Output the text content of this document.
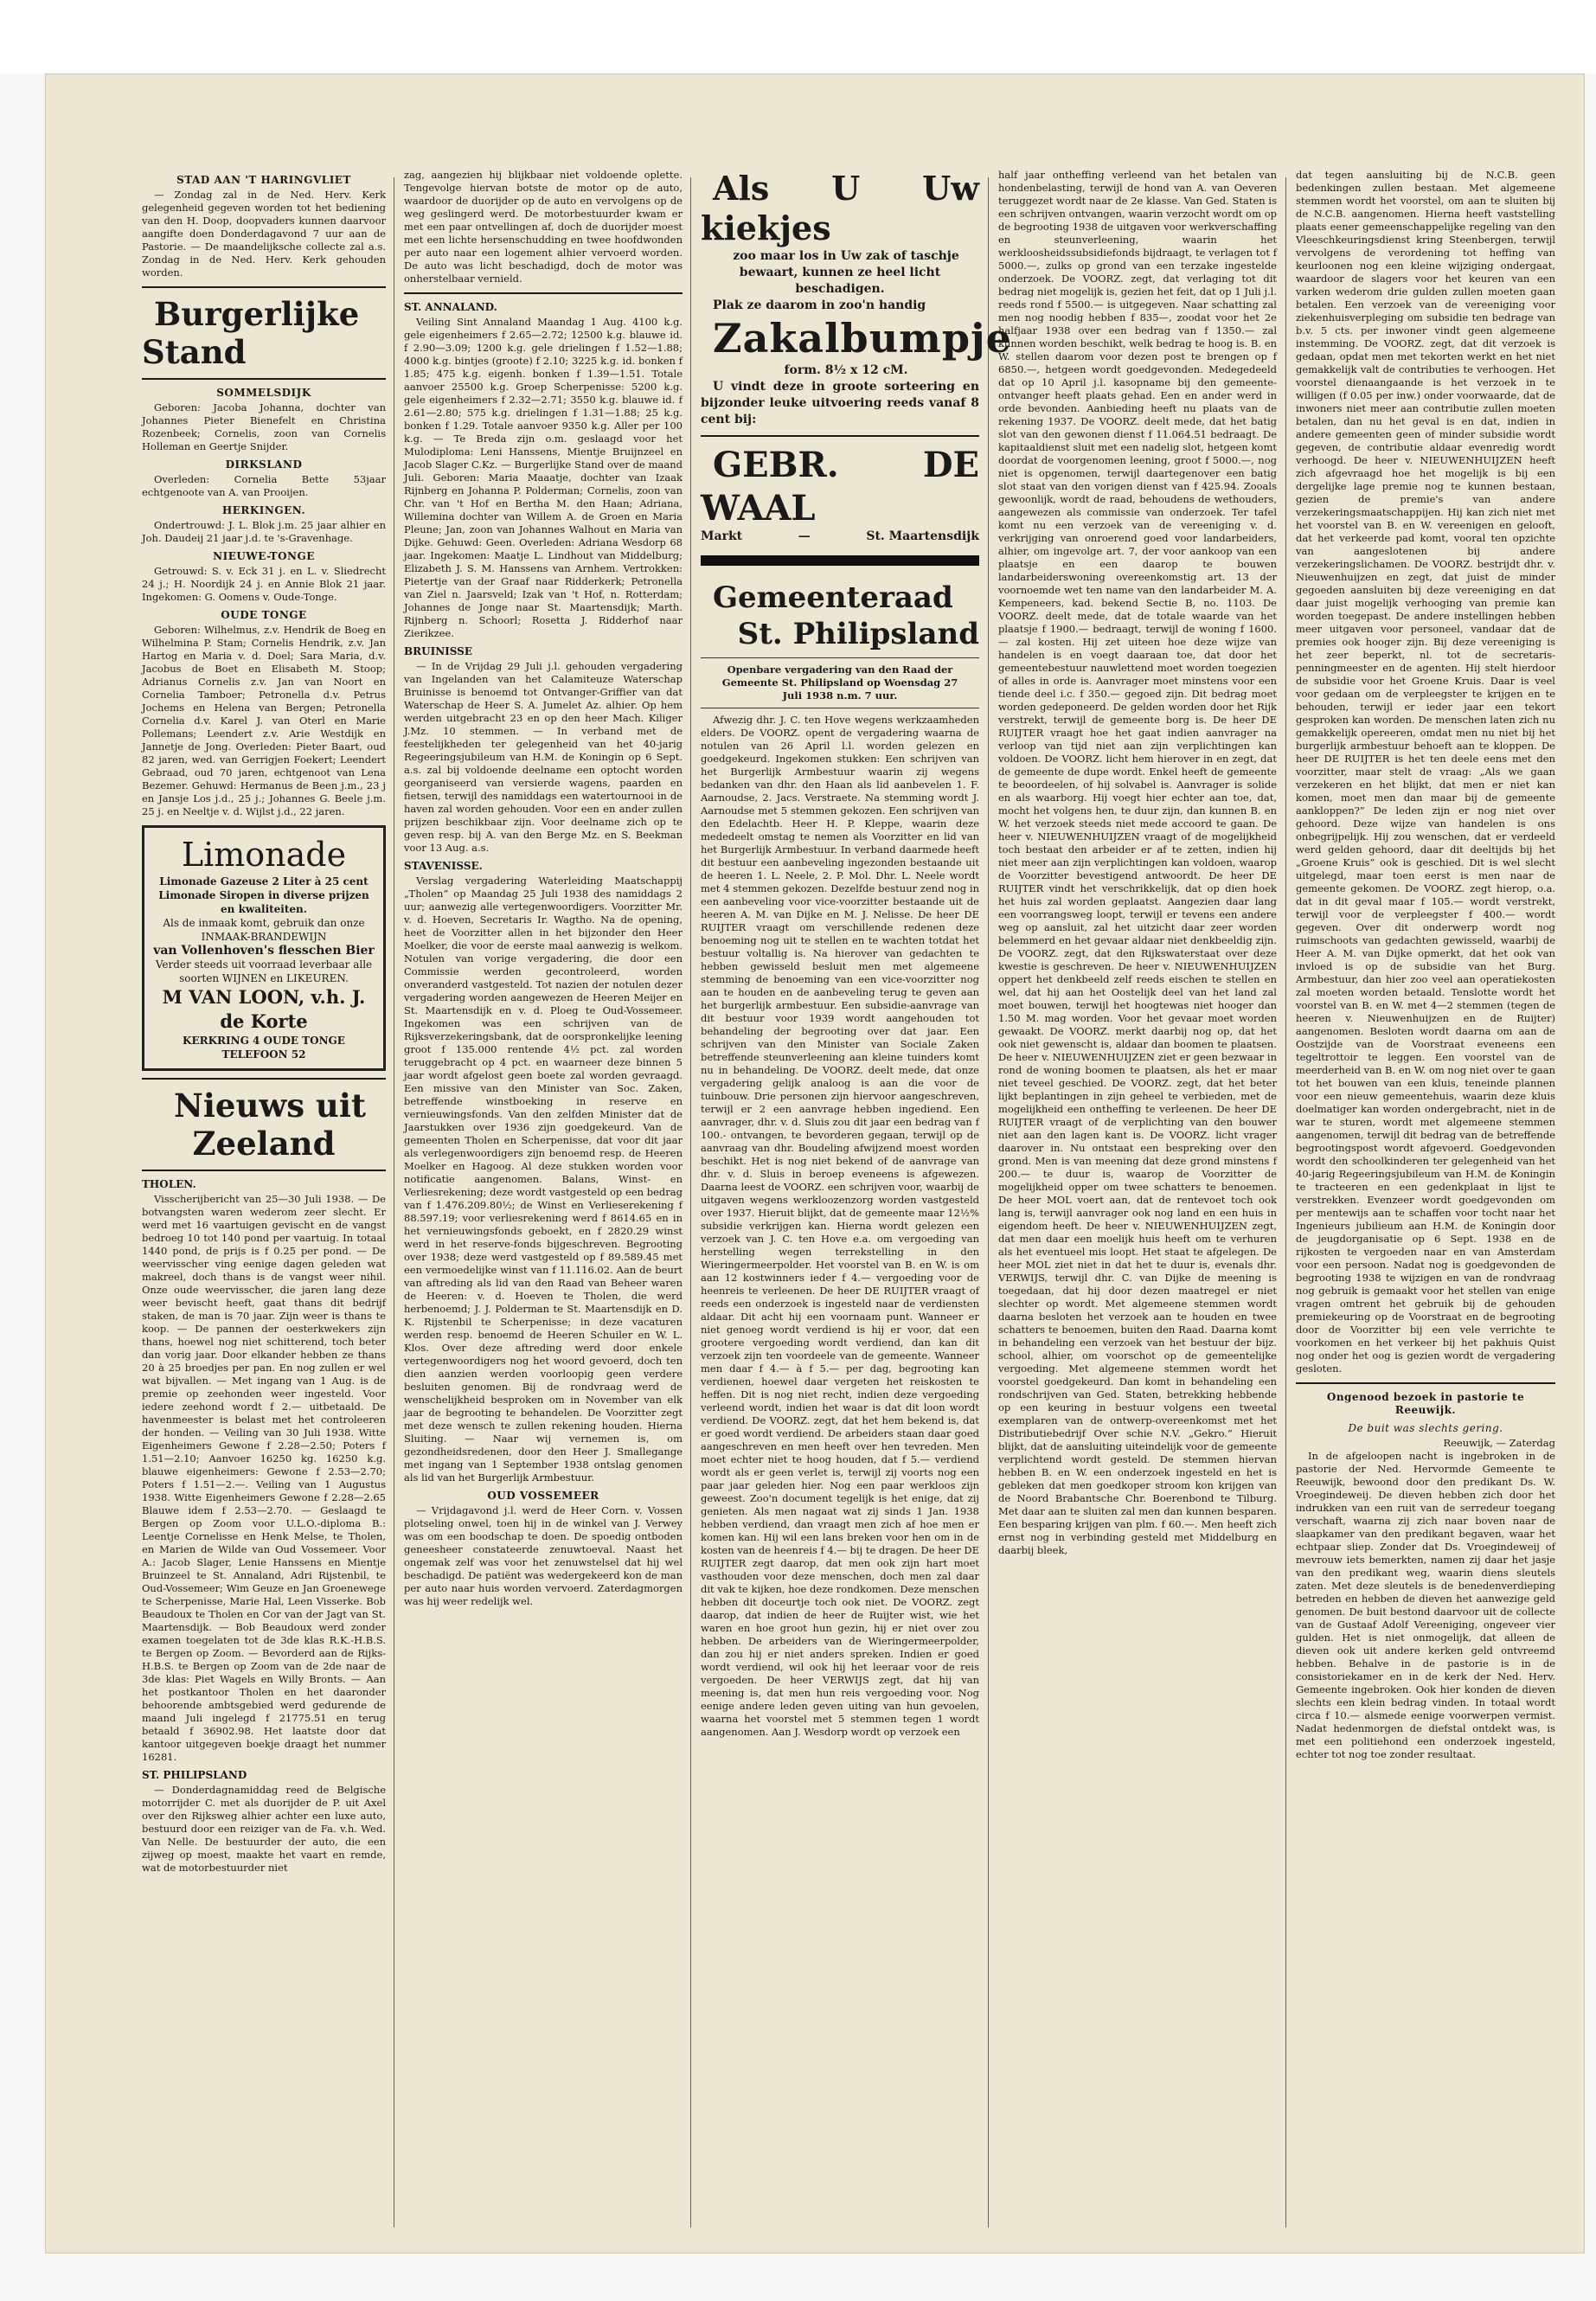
STAD AAN 'T HARINGVLIET

— Zondag zal in de Ned. Herv. Kerk gelegenheid gegeven worden tot het bediening van den H. Doop, doopvaders kunnen daarvoor aangifte doen Donderdagavond 7 uur aan de Pastorie. — De maandelijksche collecte zal a.s. Zondag in de Ned. Herv. Kerk gehouden worden.

Burgerlijke Stand

SOMMELSDIJK

Geboren: Jacoba Johanna, dochter van Johannes Pieter Bienefelt en Christina Rozenbeek; Cornelis, zoon van Cornelis Holleman en Geertje Snijder.

DIRKSLAND

Overleden: Cornelia Bette 53jaar echtgenoote van A. van Prooijen.

HERKINGEN.

Ondertrouwd: J. L. Blok j.m. 25 jaar alhier en Joh. Daudeij 21 jaar j.d. te 's-Gravenhage.

NIEUWE-TONGE

Getrouwd: S. v. Eck 31 j. en L. v. Sliedrecht 24 j.; H. Noordijk 24 j. en Annie Blok 21 jaar. Ingekomen: G. Oomens v. Oude-Tonge.

OUDE TONGE

Geboren: Wilhelmus, z.v. Hendrik de Boeg en Wilhelmina P. Stam; Cornelis Hendrik, z.v. Jan Hartog en Maria v. d. Doel; Sara Maria, d.v. Jacobus de Boet en Elisabeth M. Stoop; Adrianus Cornelis z.v. Jan van Noort en Cornelia Tamboer; Petronella d.v. Petrus Jochems en Helena van Bergen; Petronella Cornelia d.v. Karel J. van Oterl en Marie Pollemans; Leendert z.v. Arie Westdijk en Jannetje de Jong. Overleden: Pieter Baart, oud 82 jaren, wed. van Gerrigjen Foekert; Leendert Gebraad, oud 70 jaren, echtgenoot van Lena Bezemer. Gehuwd: Hermanus de Been j.m., 23 j en Jansje Los j.d., 25 j.; Johannes G. Beele j.m. 25 j. en Neeltje v. d. Wijlst j.d., 22 jaren.

Limonade
Limonade Gazeuse 2 Liter à 25 cent
Limonade Siropen in diverse prijzen en kwaliteiten.
Als de inmaak komt, gebruik dan onze INMAAK-BRANDEWIJN
van Vollenhoven's flesschen Bier
Verder steeds uit voorraad leverbaar alle soorten WIJNEN en LIKEUREN.
M VAN LOON, v.h. J. de Korte
KERKRING 4 OUDE TONGE
TELEFOON 52

Nieuws uit Zeeland

THOLEN.

Visscherijbericht van 25—30 Juli 1938. — De botvangsten waren wederom zeer slecht. Er werd met 16 vaartuigen gevischt en de vangst bedroeg 10 tot 140 pond per vaartuig. In totaal 1440 pond, de prijs is f 0.25 per pond. — De weervisscher ving eenige dagen geleden wat makreel, doch thans is de vangst weer nihil. Onze oude weervisscher, die jaren lang deze weer bevischt heeft, gaat thans dit bedrijf staken, de man is 70 jaar. Zijn weer is thans te koop. — De pannen der oesterkwekers zijn thans, hoewel nog niet schitterend, toch beter dan vorig jaar. Door elkander hebben ze thans 20 à 25 broedjes per pan. En nog zullen er wel wat bijvallen. — Met ingang van 1 Aug. is de premie op zeehonden weer ingesteld. Voor iedere zeehond wordt f 2.— uitbetaald. De havenmeester is belast met het controleeren der honden. — Veiling van 30 Juli 1938. Witte Eigenheimers Gewone f 2.28—2.50; Poters f 1.51—2.10; Aanvoer 16250 kg. 16250 k.g. blauwe eigenheimers: Gewone f 2.53—2.70; Poters f 1.51—2.—. Veiling van 1 Augustus 1938. Witte Eigenheimers Gewone f 2.28—2.65 Blauwe idem f 2.53—2.70. — Geslaagd te Bergen op Zoom voor U.L.O.-diploma B.: Leentje Cornelisse en Henk Melse, te Tholen, en Marien de Wilde van Oud Vossemeer. Voor A.: Jacob Slager, Lenie Hanssens en Mientje Bruinzeel te St. Annaland, Adri Rijstenbil, te Oud-Vossemeer; Wim Geuze en Jan Groenewege te Scherpenisse, Marie Hal, Leen Visserke. Bob Beaudoux te Tholen en Cor van der Jagt van St. Maartensdijk. — Bob Beaudoux werd zonder examen toegelaten tot de 3de klas R.K.-H.B.S. te Bergen op Zoom. — Bevorderd aan de Rijks-H.B.S. te Bergen op Zoom van de 2de naar de 3de klas: Piet Wagels en Willy Bronts. — Aan het postkantoor Tholen en het daaronder behoorende ambtsgebied werd gedurende de maand Juli ingelegd f 21775.51 en terug betaald f 36902.98. Het laatste door dat kantoor uitgegeven boekje draagt het nummer 16281.

ST. PHILIPSLAND

— Donderdagnamiddag reed de Belgische motorrijder C. met als duorijder de P. uit Axel over den Rijksweg alhier achter een luxe auto, bestuurd door een reiziger van de Fa. v.h. Wed. Van Nelle. De bestuurder der auto, die een zijweg op moest, maakte het vaart en remde, wat de motorbestuurder niet

zag, aangezien hij blijkbaar niet voldoende oplette. Tengevolge hiervan botste de motor op de auto, waardoor de duorijder op de auto en vervolgens op de weg geslingerd werd. De motorbestuurder kwam er met een paar ontvellingen af, doch de duorijder moest met een lichte hersenschudding en twee hoofdwonden per auto naar een logement alhier vervoerd worden. De auto was licht beschadigd, doch de motor was onherstelbaar vernield.

ST. ANNALAND.

Veiling Sint Annaland Maandag 1 Aug. 4100 k.g. gele eigenheimers f 2.65—2.72; 12500 k.g. blauwe id. f 2.90—3.09; 1200 k.g. gele drielingen f 1.52—1.88; 4000 k.g. bintjes (groote) f 2.10; 3225 k.g. id. bonken f 1.85; 475 k.g. eigenh. bonken f 1.39—1.51. Totale aanvoer 25500 k.g. Groep Scherpenisse: 5200 k.g. gele eigenheimers f 2.32—2.71; 3550 k.g. blauwe id. f 2.61—2.80; 575 k.g. drielingen f 1.31—1.88; 25 k.g. bonken f 1.29. Totale aanvoer 9350 k.g. Aller per 100 k.g. — Te Breda zijn o.m. geslaagd voor het Mulodiploma: Leni Hanssens, Mientje Bruijnzeel en Jacob Slager C.Kz. — Burgerlijke Stand over de maand Juli. Geboren: Maria Maaatje, dochter van Izaak Rijnberg en Johanna P. Polderman; Cornelis, zoon van Chr. van 't Hof en Bertha M. den Haan; Adriana, Willemina dochter van Willem A. de Groen en Maria Pleune; Jan, zoon van Johannes Walhout en Maria van Dijke. Gehuwd: Geen. Overleden: Adriana Wesdorp 68 jaar. Ingekomen: Maatje L. Lindhout van Middelburg; Elizabeth J. S. M. Hanssens van Arnhem. Vertrokken: Pietertje van der Graaf naar Ridderkerk; Petronella van Ziel n. Jaarsveld; Izak van 't Hof, n. Rotterdam; Johannes de Jonge naar St. Maartensdijk; Marth. Rijnberg n. Schoorl; Rosetta J. Ridderhof naar Zierikzee.

BRUINISSE

— In de Vrijdag 29 Juli j.l. gehouden vergadering van Ingelanden van het Calamiteuze Waterschap Bruinisse is benoemd tot Ontvanger-Griffier van dat Waterschap de Heer S. A. Jumelet Az. alhier. Op hem werden uitgebracht 23 en op den heer Mach. Kiliger J.Mz. 10 stemmen. — In verband met de feestelijkheden ter gelegenheid van het 40-jarig Regeeringsjubileum van H.M. de Koningin op 6 Sept. a.s. zal bij voldoende deelname een optocht worden georganiseerd van versierde wagens, paarden en fietsen, terwijl des namiddags een watertournooi in de haven zal worden gehouden. Voor een en ander zullen prijzen beschikbaar zijn. Voor deelname zich op te geven resp. bij A. van den Berge Mz. en S. Beekman voor 13 Aug. a.s.

STAVENISSE.

Verslag vergadering Waterleiding Maatschappij „Tholen” op Maandag 25 Juli 1938 des namiddags 2 uur; aanwezig alle vertegenwoordigers. Voorzitter Mr. v. d. Hoeven, Secretaris Ir. Wagtho. Na de opening, heet de Voorzitter allen in het bijzonder den Heer Moelker, die voor de eerste maal aanwezig is welkom. Notulen van vorige vergadering, die door een Commissie werden gecontroleerd, worden onveranderd vastgesteld. Tot nazien der notulen dezer vergadering worden aangewezen de Heeren Meijer en St. Maartensdijk en v. d. Ploeg te Oud-Vossemeer. Ingekomen was een schrijven van de Rijksverzekeringsbank, dat de oorspronkelijke leening groot f 135.000 rentende 4½ pct. zal worden teruggebracht op 4 pct. en waarneer deze binnen 5 jaar wordt afgelost geen boete zal worden gevraagd. Een missive van den Minister van Soc. Zaken, betreffende winstboeking in reserve en vernieuwingsfonds. Van den zelfden Minister dat de Jaarstukken over 1936 zijn goedgekeurd. Van de gemeenten Tholen en Scherpenisse, dat voor dit jaar als verlegenwoordigers zijn benoemd resp. de Heeren Moelker en Hagoog. Al deze stukken worden voor notificatie aangenomen. Balans, Winst- en Verliesrekening; deze wordt vastgesteld op een bedrag van f 1.476.209.80½; de Winst en Verlieserekening f 88.597.19; voor verliesrekening werd f 8614.65 en in het vernieuwingsfonds geboekt, en f 2820.29 winst werd in het reserve-fonds bijgeschreven. Begrooting over 1938; deze werd vastgesteld op f 89.589.45 met een vermoedelijke winst van f 11.116.02. Aan de beurt van aftreding als lid van den Raad van Beheer waren de Heeren: v. d. Hoeven te Tholen, die werd herbenoemd; J. J. Polderman te St. Maartensdijk en D. K. Rijstenbil te Scherpenisse; in deze vacaturen werden resp. benoemd de Heeren Schuiler en W. L. Klos. Over deze aftreding werd door enkele vertegenwoordigers nog het woord gevoerd, doch ten dien aanzien werden voorloopig geen verdere besluiten genomen. Bij de rondvraag werd de wenschelijkheid besproken om in November van elk jaar de begrooting te behandelen. De Voorzitter zegt met deze wensch te zullen rekening houden. Hierna Sluiting. — Naar wij vernemen is, om gezondheidsredenen, door den Heer J. Smallegange met ingang van 1 September 1938 ontslag genomen als lid van het Burgerlijk Armbestuur.

OUD VOSSEMEER

— Vrijdagavond j.l. werd de Heer Corn. v. Vossen plotseling onwel, toen hij in de winkel van J. Verwey was om een boodschap te doen. De spoedig ontboden geneesheer constateerde zenuwtoeval. Naast het ongemak zelf was voor het zenuwstelsel dat hij wel beschadigd. De patiënt was wedergekeerd kon de man per auto naar huis worden vervoerd. Zaterdagmorgen was hij weer redelijk wel.

Als U Uw kiekjes

zoo maar los in Uw zak of taschje bewaart, kunnen ze heel licht beschadigen.

Plak ze daarom in zoo'n handig

Zakalbumpje

form. 8½ x 12 cM.

U vindt deze in groote sorteering en bijzonder leuke uitvoering reeds vanaf 8 cent bij:

GEBR. DE WAAL

Markt	—	St. Maartensdijk

Gemeenteraad

St. Philipsland

Openbare vergadering van den Raad der Gemeente St. Philipsland op Woensdag 27 Juli 1938 n.m. 7 uur.

Afwezig dhr. J. C. ten Hove wegens werkzaamheden elders. De VOORZ. opent de vergadering waarna de notulen van 26 April l.l. worden gelezen en goedgekeurd. Ingekomen stukken: Een schrijven van het Burgerlijk Armbestuur waarin zij wegens bedanken van dhr. den Haan als lid aanbevelen 1. F. Aarnoudse, 2. Jacs. Verstraete. Na stemming wordt J. Aarnoudse met 5 stemmen gekozen. Een schrijven van den Edelachtb. Heer H. P. Kleppe, waarin deze mededeelt omstag te nemen als Voorzitter en lid van het Burgerlijk Armbestuur. In verband daarmede heeft dit bestuur een aanbeveling ingezonden bestaande uit de heeren 1. L. Neele, 2. P. Mol. Dhr. L. Neele wordt met 4 stemmen gekozen. Dezelfde bestuur zend nog in een aanbeveling voor vice-voorzitter bestaande uit de heeren A. M. van Dijke en M. J. Nelisse. De heer DE RUIJTER vraagt om verschillende redenen deze benoeming nog uit te stellen en te wachten totdat het bestuur voltallig is. Na hierover van gedachten te hebben gewisseld besluit men met algemeene stemming de benoeming van een vice-voorzitter nog aan te houden en de aanbeveling terug te geven aan het burgerlijk armbestuur. Een subsidie-aanvrage van dit bestuur voor 1939 wordt aangehouden tot behandeling der begrooting over dat jaar. Een schrijven van den Minister van Sociale Zaken betreffende steunverleening aan kleine tuinders komt nu in behandeling. De VOORZ. deelt mede, dat onze vergadering gelijk analoog is aan die voor de tuinbouw. Drie personen zijn hiervoor aangeschreven, terwijl er 2 een aanvrage hebben ingediend. Een aanvrager, dhr. v. d. Sluis zou dit jaar een bedrag van f 100.- ontvangen, te bevorderen gegaan, terwijl op de aanvraag van dhr. Boudeling afwijzend moest worden beschikt. Het is nog niet bekend of de aanvrage van dhr. v. d. Sluis in beroep eveneens is afgewezen. Daarna leest de VOORZ. een schrijven voor, waarbij de uitgaven wegens werkloozenzorg worden vastgesteld over 1937. Hieruit blijkt, dat de gemeente maar 12½% subsidie verkrijgen kan. Hierna wordt gelezen een verzoek van J. C. ten Hove e.a. om vergoeding van herstelling wegen terrekstelling in den Wieringermeerpolder. Het voorstel van B. en W. is om aan 12 kostwinners ieder f 4.— vergoeding voor de heenreis te verleenen. De heer DE RUIJTER vraagt of reeds een onderzoek is ingesteld naar de verdiensten aldaar. Dit acht hij een voornaam punt. Wanneer er niet genoeg wordt verdiend is hij er voor, dat een grootere vergoeding wordt verdiend, dan kan dit verzoek zijn ten voordeele van de gemeente. Wanneer men daar f 4.— à f 5.— per dag, begrooting kan verdienen, hoewel daar vergeten het reiskosten te heffen. Dit is nog niet recht, indien deze vergoeding verleend wordt, indien het waar is dat dit loon wordt verdiend. De VOORZ. zegt, dat het hem bekend is, dat er goed wordt verdiend. De arbeiders staan daar goed aangeschreven en men heeft over hen tevreden. Men moet echter niet te hoog houden, dat f 5.— verdiend wordt als er geen verlet is, terwijl zij voorts nog een paar jaar geleden hier. Nog een paar werkloos zijn geweest. Zoo'n document tegelijk is het enige, dat zij genieten. Als men nagaat wat zij sinds 1 Jan. 1938 hebben verdiend, dan vraagt men zich af hoe men er komen kan. Hij wil een lans breken voor hen om in de kosten van de heenreis f 4.— bij te dragen. De heer DE RUIJTER zegt daarop, dat men ook zijn hart moet vasthouden voor deze menschen, doch men zal daar dit vak te kijken, hoe deze rondkomen. Deze menschen hebben dit doceurtje toch ook niet. De VOORZ. zegt daarop, dat indien de heer de Ruijter wist, wie het waren en hoe groot hun gezin, hij er niet over zou hebben. De arbeiders van de Wieringermeerpolder, dan zou hij er niet anders spreken. Indien er goed wordt verdiend, wil ook hij het leeraar voor de reis vergoeden. De heer VERWIJS zegt, dat hij van meening is, dat men hun reis vergoeding voor. Nog eenige andere leden geven uiting van hun gevoelen, waarna het voorstel met 5 stemmen tegen 1 wordt aangenomen. Aan J. Wesdorp wordt op verzoek een

half jaar ontheffing verleend van het betalen van hondenbelasting, terwijl de hond van A. van Oeveren teruggezet wordt naar de 2e klasse. Van Ged. Staten is een schrijven ontvangen, waarin verzocht wordt om op de begrooting 1938 de uitgaven voor werkverschaffing en steunverleening, waarin het werkloosheidssubsidiefonds bijdraagt, te verlagen tot f 5000.—, zulks op grond van een terzake ingestelde onderzoek. De VOORZ. zegt, dat verlaging tot dit bedrag niet mogelijk is, gezien het feit, dat op 1 Juli j.l. reeds rond f 5500.— is uitgegeven. Naar schatting zal men nog noodig hebben f 835—, zoodat voor het 2e halfjaar 1938 over een bedrag van f 1350.— zal kunnen worden beschikt, welk bedrag te hoog is. B. en W. stellen daarom voor dezen post te brengen op f 6850.—, hetgeen wordt goedgevonden. Medegedeeld dat op 10 April j.l. kasopname bij den gemeente-ontvanger heeft plaats gehad. Een en ander werd in orde bevonden. Aanbieding heeft nu plaats van de rekening 1937. De VOORZ. deelt mede, dat het batig slot van den gewonen dienst f 11.064.51 bedraagt. De kapitaaldienst sluit met een nadelig slot, hetgeen komt doordat de voorgenomen leening, groot f 5000.—, nog niet is opgenomen, terwijl daartegenover een batig slot staat van den vorigen dienst van f 425.94. Zooals gewoonlijk, wordt de raad, behoudens de wethouders, aangewezen als commissie van onderzoek. Ter tafel komt nu een verzoek van de vereeniging v. d. verkrijging van onroerend goed voor landarbeiders, alhier, om ingevolge art. 7, der voor aankoop van een plaatsje en een daarop te bouwen landarbeiderswoning overeenkomstig art. 13 der voornoemde wet ten name van den landarbeider M. A. Kempeneers, kad. bekend Sectie B, no. 1103. De VOORZ. deelt mede, dat de totale waarde van het plaatsje f 1900.— bedraagt, terwijl de woning f 1600.— zal kosten. Hij zet uiteen hoe deze wijze van handelen is en voegt daaraan toe, dat door het gemeentebestuur nauwlettend moet worden toegezien of alles in orde is. Aanvrager moet minstens voor een tiende deel i.c. f 350.— gegoed zijn. Dit bedrag moet worden gedeponeerd. De gelden worden door het Rijk verstrekt, terwijl de gemeente borg is. De heer DE RUIJTER vraagt hoe het gaat indien aanvrager na verloop van tijd niet aan zijn verplichtingen kan voldoen. De VOORZ. licht hem hierover in en zegt, dat de gemeente de dupe wordt. Enkel heeft de gemeente te beoordeelen, of hij solvabel is. Aanvrager is solide en als waarborg. Hij voegt hier echter aan toe, dat, mocht het volgens hen, te duur zijn, dan kunnen B. en W. het verzoek steeds niet mede accoord te gaan. De heer v. NIEUWENHUIJZEN vraagt of de mogelijkheid toch bestaat den arbeider er af te zetten, indien hij niet meer aan zijn verplichtingen kan voldoen, waarop de Voorzitter bevestigend antwoordt. De heer DE RUIJTER vindt het verschrikkelijk, dat op dien hoek het huis zal worden geplaatst. Aangezien daar lang een voorrangsweg loopt, terwijl er tevens een andere weg op aansluit, zal het uitzicht daar zeer worden belemmerd en het gevaar aldaar niet denkbeeldig zijn. De VOORZ. zegt, dat den Rijkswaterstaat over deze kwestie is geschreven. De heer v. NIEUWENHUIJZEN oppert het denkbeeld zelf reeds eischen te stellen en wel, dat hij aan het Oostelijk deel van het land zal moet bouwen, terwijl het hoogtewas niet hooger dan 1.50 M. mag worden. Voor het gevaar moet worden gewaakt. De VOORZ. merkt daarbij nog op, dat het ook niet gewenscht is, aldaar dan boomen te plaatsen. De heer v. NIEUWENHUIJZEN ziet er geen bezwaar in rond de woning boomen te plaatsen, als het er maar niet teveel geschied. De VOORZ. zegt, dat het beter lijkt beplantingen in zijn geheel te verbieden, met de mogelijkheid een ontheffing te verleenen. De heer DE RUIJTER vraagt of de verplichting van den bouwer niet aan den lagen kant is. De VOORZ. licht vrager daarover in. Nu ontstaat een bespreking over den grond. Men is van meening dat deze grond minstens f 200.— te duur is, waarop de Voorzitter de mogelijkheid opper om twee schatters te benoemen. De heer MOL voert aan, dat de rentevoet toch ook lang is, terwijl aanvrager ook nog land en een huis in eigendom heeft. De heer v. NIEUWENHUIJZEN zegt, dat men daar een moelijk huis heeft om te verhuren als het eventueel mis loopt. Het staat te afgelegen. De heer MOL ziet niet in dat het te duur is, evenals dhr. VERWIJS, terwijl dhr. C. van Dijke de meening is toegedaan, dat hij door dezen maatregel er niet slechter op wordt. Met algemeene stemmen wordt daarna besloten het verzoek aan te houden en twee schatters te benoemen, buiten den Raad. Daarna komt in behandeling een verzoek van het bestuur der bijz. school, alhier, om voorschot op de gemeentelijke vergoeding. Met algemeene stemmen wordt het voorstel goedgekeurd. Dan komt in behandeling een rondschrijven van Ged. Staten, betrekking hebbende op een keuring in bestuur volgens een tweetal exemplaren van de ontwerp-overeenkomst met het Distributiebedrijf Over schie N.V. „Gekro.” Hieruit blijkt, dat de aansluiting uiteindelijk voor de gemeente verplichtend wordt gesteld. De stemmen hiervan hebben B. en W. een onderzoek ingesteld en het is gebleken dat men goedkoper stroom kon krijgen van de Noord Brabantsche Chr. Boerenbond te Tilburg. Met daar aan te sluiten zal men dan kunnen besparen. Een besparing krijgen van plm. f 60.—. Men heeft zich ernst nog in verbinding gesteld met Middelburg en daarbij bleek,

dat tegen aansluiting bij de N.C.B. geen bedenkingen zullen bestaan. Met algemeene stemmen wordt het voorstel, om aan te sluiten bij de N.C.B. aangenomen. Hierna heeft vaststelling plaats eener gemeenschappelijke regeling van den Vleeschkeuringsdienst kring Steenbergen, terwijl vervolgens de verordening tot heffing van keurloonen nog een kleine wijziging ondergaat, waardoor de slagers voor het keuren van een varken wederom drie gulden zullen moeten gaan betalen. Een verzoek van de vereeniging voor ziekenhuisverpleging om subsidie ten bedrage van b.v. 5 cts. per inwoner vindt geen algemeene instemming. De VOORZ. zegt, dat dit verzoek is gedaan, opdat men met tekorten werkt en het niet gemakkelijk valt de contributies te verhoogen. Het voorstel dienaangaande is het verzoek in te willigen (f 0.05 per inw.) onder voorwaarde, dat de inwoners niet meer aan contributie zullen moeten betalen, dan nu het geval is en dat, indien in andere gemeenten geen of minder subsidie wordt gegeven, de contributie aldaar evenredig wordt verhoogd. De heer v. NIEUWENHUIJZEN heeft zich afgevraagd hoe het mogelijk is bij een dergelijke lage premie nog te kunnen bestaan, gezien de premie's van andere verzekeringsmaatschappijen. Hij kan zich niet met het voorstel van B. en W. vereenigen en gelooft, dat het verkeerde pad komt, vooral ten opzichte van aangeslotenen bij andere verzekeringslichamen. De VOORZ. bestrijdt dhr. v. Nieuwenhuijzen en zegt, dat juist de minder gegoeden aansluiten bij deze vereeniging en dat daar juist mogelijk verhooging van premie kan worden toegepast. De andere instellingen hebben meer uitgaven voor personeel, vandaar dat de premies ook hooger zijn. Bij deze vereeniging is het zeer beperkt, nl. tot de secretaris-penningmeester en de agenten. Hij stelt hierdoor de subsidie voor het Groene Kruis. Daar is veel voor gedaan om de verpleegster te krijgen en te behouden, terwijl er ieder jaar een tekort gesproken kan worden. De menschen laten zich nu gemakkelijk opereeren, omdat men nu niet bij het burgerlijk armbestuur behoeft aan te kloppen. De heer DE RUIJTER is het ten deele eens met den voorzitter, maar stelt de vraag: „Als we gaan verzekeren en het blijkt, dat men er niet kan komen, moet men dan maar bij de gemeente aankloppen?” De leden zijn er nog niet over gehoord. Deze wijze van handelen is ons onbegrijpelijk. Hij zou wenschen, dat er verdeeld werd gelden gehoord, daar dit deeltijds bij het „Groene Kruis” ook is geschied. Dit is wel slecht uitgelegd, maar toen eerst is men naar de gemeente gekomen. De VOORZ. zegt hierop, o.a. dat in dit geval maar f 105.— wordt verstrekt, terwijl voor de verpleegster f 400.— wordt gegeven. Over dit onderwerp wordt nog ruimschoots van gedachten gewisseld, waarbij de Heer A. M. van Dijke opmerkt, dat het ook van invloed is op de subsidie van het Burg. Armbestuur, dan hier zoo veel aan operatiekosten zal moeten worden betaald. Tenslotte wordt het voorstel van B. en W. met 4—2 stemmen (tegen de heeren v. Nieuwenhuijzen en de Ruijter) aangenomen. Besloten wordt daarna om aan de Oostzijde van de Voorstraat eveneens een tegeltrottoir te leggen. Een voorstel van de meerderheid van B. en W. om nog niet over te gaan tot het bouwen van een kluis, teneinde plannen voor een nieuw gemeentehuis, waarin deze kluis doelmatiger kan worden ondergebracht, niet in de war te sturen, wordt met algemeene stemmen aangenomen, terwijl dit bedrag van de betreffende begrootingspost wordt afgevoerd. Goedgevonden wordt den schoolkinderen ter gelegenheid van het 40-jarig Regeeringsjubileum van H.M. de Koningin te tracteeren en een gedenkplaat in lijst te verstrekken. Evenzeer wordt goedgevonden om per mentewijs aan te schaffen voor tocht naar het Ingenieurs jubilieum aan H.M. de Koningin door de jeugdorganisatie op 6 Sept. 1938 en de rijkosten te vergoeden naar en van Amsterdam voor een persoon. Nadat nog is goedgevonden de begrooting 1938 te wijzigen en van de rondvraag nog gebruik is gemaakt voor het stellen van enige vragen omtrent het gebruik bij de gehouden premiekeuring op de Voorstraat en de begrooting door de Voorzitter bij een vele verrichte te voorkomen en het verkeer bij het pakhuis Quist nog onder het oog is gezien wordt de vergadering gesloten.

Ongenood bezoek in pastorie te Reeuwijk.

De buit was slechts gering.

Reeuwijk, — Zaterdag

In de afgeloopen nacht is ingebroken in de pastorie der Ned. Hervormde Gemeente te Reeuwijk, bewoond door den predikant Ds. W. Vroegindeweij. De dieven hebben zich door het indrukken van een ruit van de serredeur toegang verschaft, waarna zij zich naar boven naar de slaapkamer van den predikant begaven, waar het echtpaar sliep. Zonder dat Ds. Vroegindeweij of mevrouw iets bemerkten, namen zij daar het jasje van den predikant weg, waarin diens sleutels zaten. Met deze sleutels is de benedenverdieping betreden en hebben de dieven het aanwezige geld genomen. De buit bestond daarvoor uit de collecte van de Gustaaf Adolf Vereeniging, ongeveer vier gulden. Het is niet onmogelijk, dat alleen de dieven ook uit andere kerken geld ontvreemd hebben. Behalve in de pastorie is in de consistoriekamer en in de kerk der Ned. Herv. Gemeente ingebroken. Ook hier konden de dieven slechts een klein bedrag vinden. In totaal wordt circa f 10.— alsmede eenige voorwerpen vermist. Nadat hedenmorgen de diefstal ontdekt was, is met een politiehond een onderzoek ingesteld, echter tot nog toe zonder resultaat.
